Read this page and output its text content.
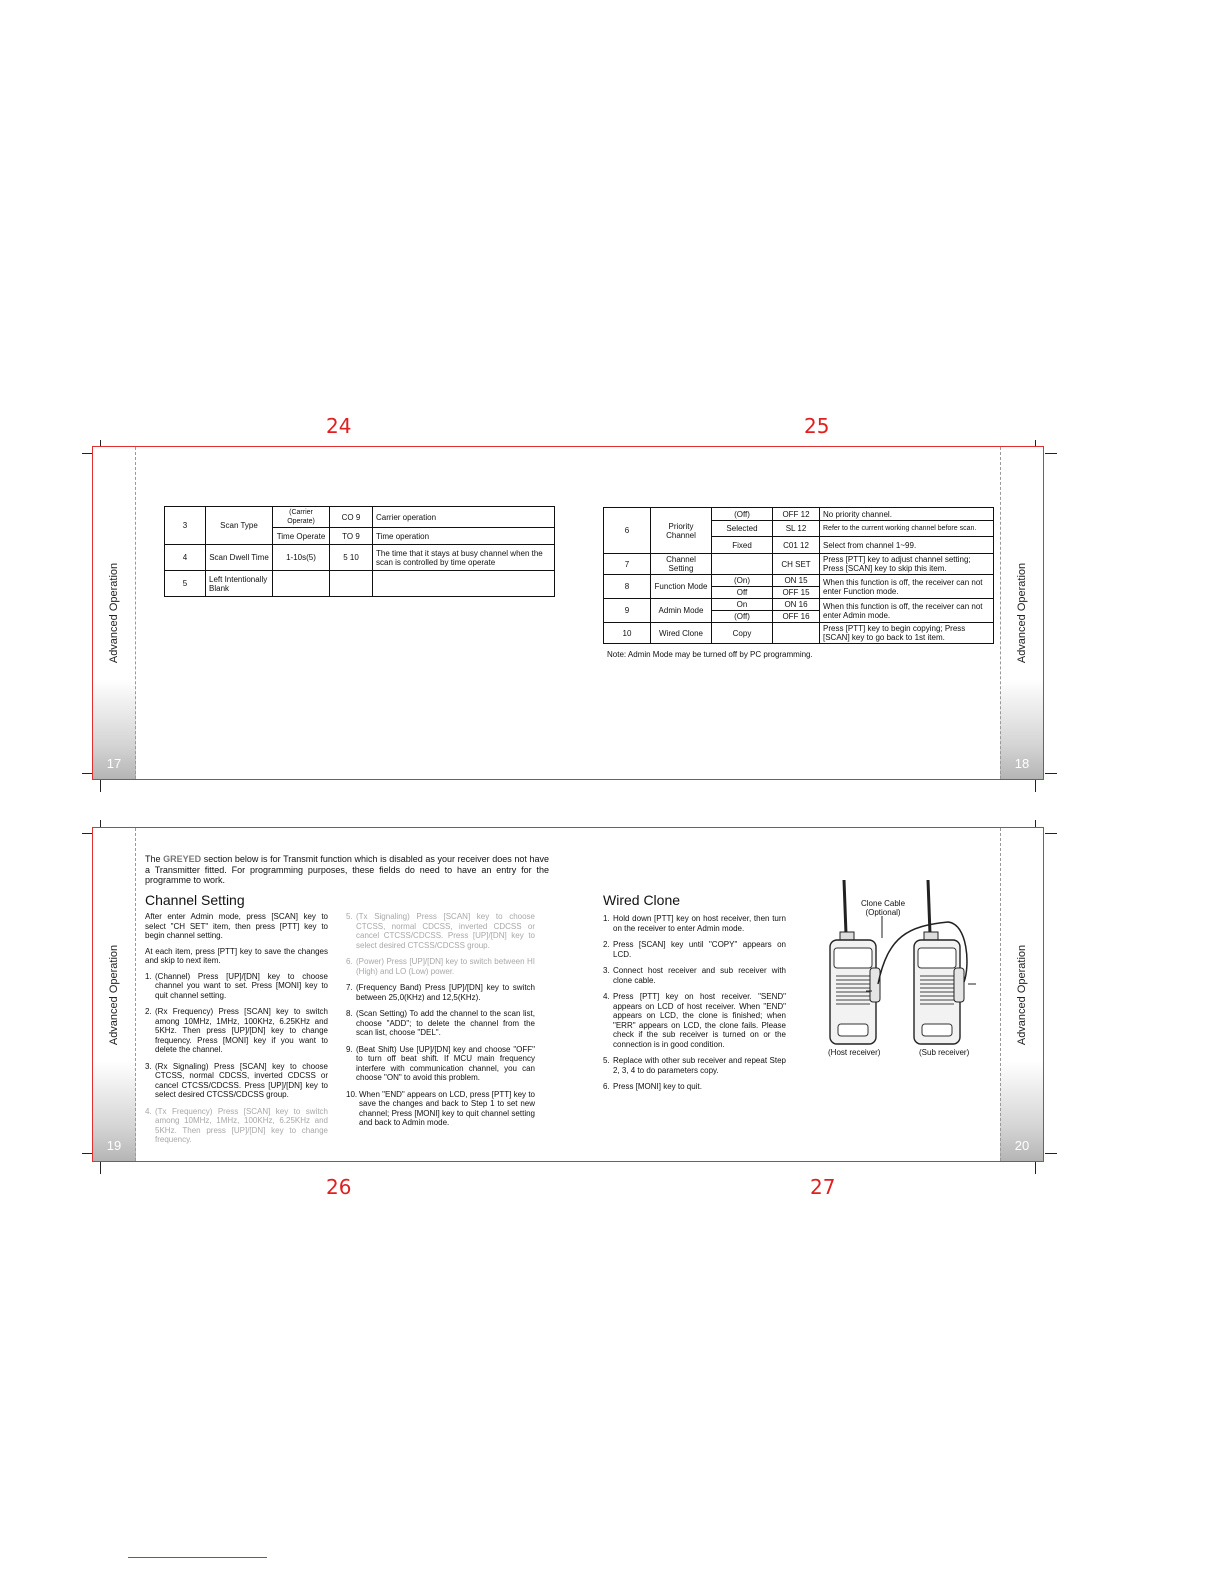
24	25
26	27
Advanced Operation
17
Advanced Operation
18
3	Scan Type	(Carrier Operate)	CO 9	Carrier operation
		Time Operate	TO 9	Time operation
4	Scan Dwell Time	1-10s(5)	5 10	The time that it stays at busy channel when the scan is controlled by time operate
5	Left Intentionally Blank			
6	Priority Channel	(Off)	OFF 12	No priority channel.
		Selected	SL 12	Refer to the current working channel before scan.
		Fixed	C01 12	Select from channel 1~99.
7	Channel Setting		CH SET	Press [PTT] key to adjust channel setting; Press [SCAN] key to skip this item.
8	Function Mode	(On)	ON 15	When this function is off, the receiver can not enter Function mode.
		Off	OFF 15	
9	Admin Mode	On	ON 16	When this function is off, the receiver can not enter Admin mode.
		(Off)	OFF 16	
10	Wired Clone	Copy		Press [PTT] key to begin copying; Press [SCAN] key to go back to 1st item.
Note: Admin Mode may be turned off by PC programming.
Advanced Operation
19
Advanced Operation
20
The GREYED section below is for Transmit function which is disabled as your receiver does not have a Transmitter fitted. For programming purposes, these fields do need to have an entry for the programme to work.
Channel Setting

After enter Admin mode, press [SCAN] key to select "CH SET" item, then press [PTT] key to begin channel setting.

At each item, press [PTT] key to save the changes and skip to next item.

1. (Channel) Press [UP]/[DN] key to choose channel you want to set. Press [MONI] key to quit channel setting.
2. (Rx Frequency) Press [SCAN] key to switch among 10MHz, 1MHz, 100KHz, 6.25KHz and 5KHz. Then press [UP]/[DN] key to change frequency. Press [MONI] key if you want to delete the channel.
3. (Rx Signaling) Press [SCAN] key to choose CTCSS, normal CDCSS, inverted CDCSS or cancel CTCSS/CDCSS. Press [UP]/[DN] key to select desired CTCSS/CDCSS group.
4. (Tx Frequency) Press [SCAN] key to switch among 10MHz, 1MHz, 100KHz, 6.25KHz and 5KHz. Then press [UP]/[DN] key to change frequency.
5. (Tx Signaling) Press [SCAN] key to choose CTCSS, normal CDCSS, inverted CDCSS or cancel CTCSS/CDCSS. Press [UP]/[DN] key to select desired CTCSS/CDCSS group.
6. (Power) Press [UP]/[DN] key to switch between HI (High) and LO (Low) power.
7. (Frequency Band) Press [UP]/[DN] key to switch between 25,0(KHz) and 12,5(KHz).
8. (Scan Setting) To add the channel to the scan list, choose "ADD"; to delete the channel from the scan list, choose "DEL".
9. (Beat Shift) Use [UP]/[DN] key and choose "OFF" to turn off beat shift. If MCU main frequency interfere with communication channel, you can choose "ON" to avoid this problem.
10. When "END" appears on LCD, press [PTT] key to save the changes and back to Step 1 to set new channel; Press [MONI] key to quit channel setting and back to Admin mode.
Wired Clone
1. Hold down [PTT] key on host receiver, then turn on the receiver to enter Admin mode.
2. Press [SCAN] key until "COPY" appears on LCD.
3. Connect host receiver and sub receiver with clone cable.
4. Press [PTT] key on host receiver. "SEND" appears on LCD of host receiver. When "END" appears on LCD, the clone is finished; when "ERR" appears on LCD, the clone fails. Please check if the sub receiver is turned on or the connection is in good condition.
5. Replace with other sub receiver and repeat Step 2, 3, 4 to do parameters copy.
6. Press [MONI] key to quit.
Clone Cable
(Optional)
(Host receiver)	(Sub receiver)
